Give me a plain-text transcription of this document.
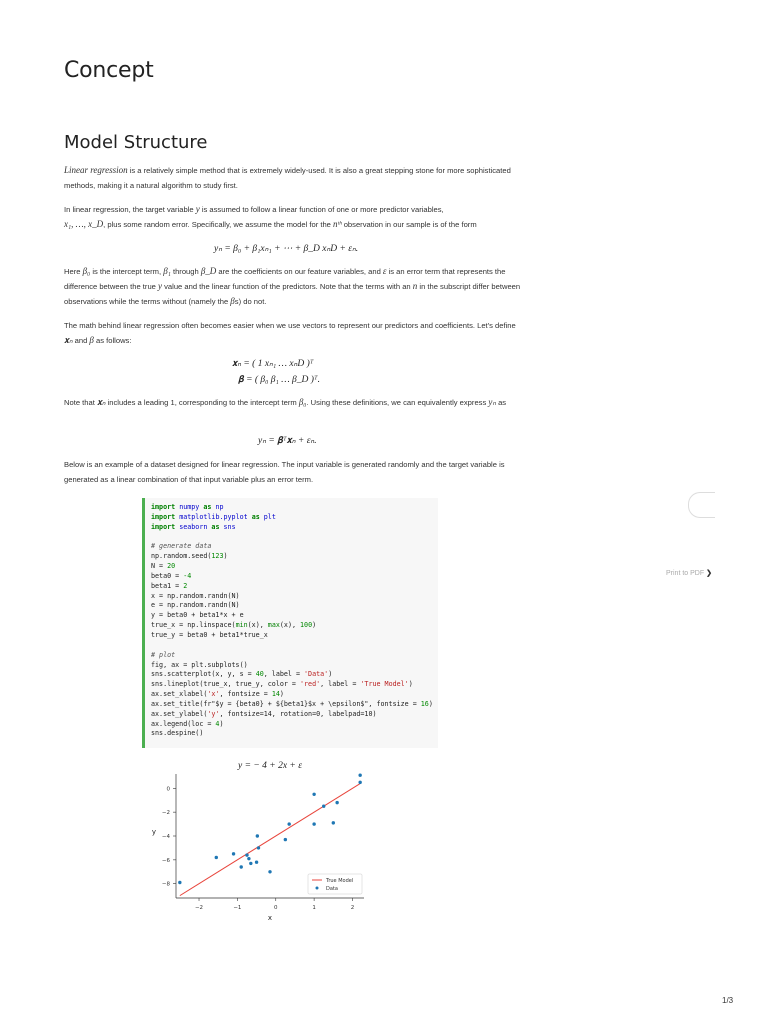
Concept
Model Structure
Linear regression is a relatively simple method that is extremely widely-used. It is also a great stepping stone for more sophisticated methods, making it a natural algorithm to study first.
In linear regression, the target variable y is assumed to follow a linear function of one or more predictor variables,
x₁, …, x_D, plus some random error. Specifically, we assume the model for the nᵗʰ observation in our sample is of the form
yₙ = β₀ + β₁xₙ₁ + ⋯ + β_D xₙD + εₙ.
Here β₀ is the intercept term, β₁ through β_D are the coefficients on our feature variables, and ε is an error term that represents the difference between the true y value and the linear function of the predictors. Note that the terms with an n in the subscript differ between observations while the terms without (namely the βs) do not.
The math behind linear regression often becomes easier when we use vectors to represent our predictors and coefficients. Let's define 𝐱ₙ and β as follows:
𝐱ₙ = ( 1 xₙ₁ … xₙD )ᵀ
𝛃 = ( β₀ β₁ … β_D )ᵀ.
Note that 𝐱ₙ includes a leading 1, corresponding to the intercept term β₀. Using these definitions, we can equivalently express yₙ as
yₙ = 𝛃ᵀ𝐱ₙ + εₙ.
Below is an example of a dataset designed for linear regression. The input variable is generated randomly and the target variable is generated as a linear combination of that input variable plus an error term.
import numpy as np
import matplotlib.pyplot as plt
import seaborn as sns

# generate data
np.random.seed(123)
N = 20
beta0 = -4
beta1 = 2
x = np.random.randn(N)
e = np.random.randn(N)
y = beta0 + beta1*x + e
true_x = np.linspace(min(x), max(x), 100)
true_y = beta0 + beta1*true_x

# plot
fig, ax = plt.subplots()
sns.scatterplot(x, y, s = 40, label = 'Data')
sns.lineplot(true_x, true_y, color = 'red', label = 'True Model')
ax.set_xlabel('x', fontsize = 14)
ax.set_title(fr"$y = {beta0} + ${beta1}$x + \epsilon$", fontsize = 16)
ax.set_ylabel('y', fontsize=14, rotation=0, labelpad=10)
ax.legend(loc = 4)
sns.despine()
y = − 4 + 2x + ε
−2	−1	0	1	2
0
−2
−4
−6
−8
x
y
True Model
Data
Print to PDF ❯
1/3
